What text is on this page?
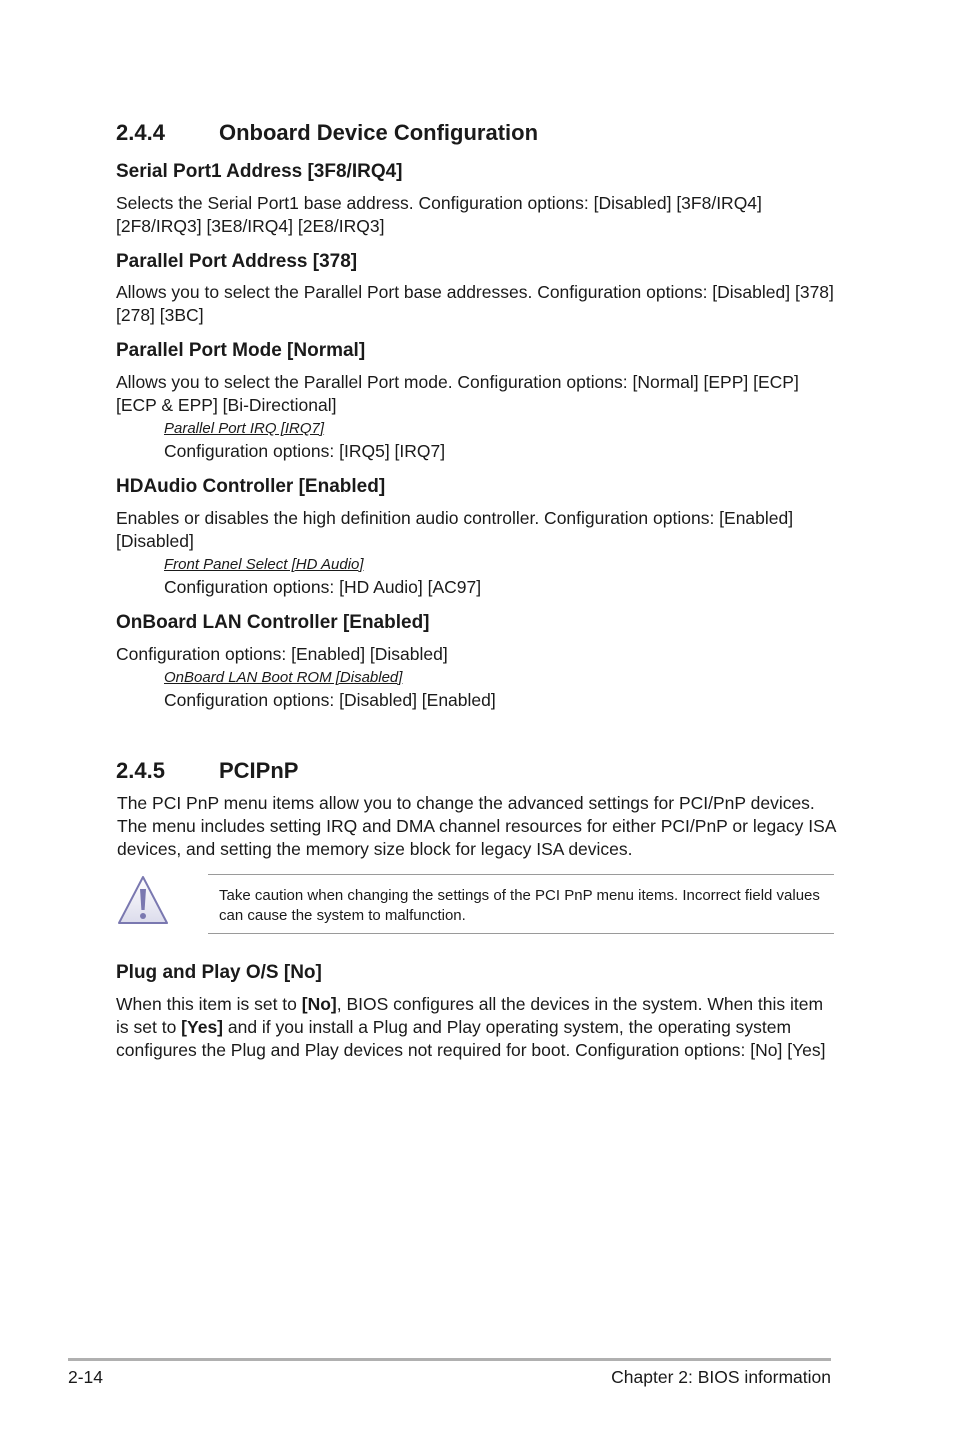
2.4.4 Onboard Device Configuration
Serial Port1 Address [3F8/IRQ4]
Selects the Serial Port1 base address. Configuration options: [Disabled] [3F8/IRQ4]
[2F8/IRQ3] [3E8/IRQ4] [2E8/IRQ3]
Parallel Port Address [378]
Allows you to select the Parallel Port base addresses. Configuration options: [Disabled] [378]
[278] [3BC]
Parallel Port Mode [Normal]
Allows you to select the Parallel Port mode. Configuration options: [Normal] [EPP] [ECP]
[ECP & EPP] [Bi-Directional]
Parallel Port IRQ [IRQ7]
Configuration options: [IRQ5] [IRQ7]
HDAudio Controller [Enabled]
Enables or disables the high definition audio controller. Configuration options: [Enabled]
[Disabled]
Front Panel Select [HD Audio]
Configuration options: [HD Audio] [AC97]
OnBoard LAN Controller [Enabled]
Configuration options: [Enabled] [Disabled]
OnBoard LAN Boot ROM [Disabled]
Configuration options: [Disabled] [Enabled]
2.4.5 PCIPnP
The PCI PnP menu items allow you to change the advanced settings for PCI/PnP devices.
The menu includes setting IRQ and DMA channel resources for either PCI/PnP or legacy ISA
devices, and setting the memory size block for legacy ISA devices.
Take caution when changing the settings of the PCI PnP menu items. Incorrect field values
can cause the system to malfunction.
Plug and Play O/S [No]
When this item is set to [No], BIOS configures all the devices in the system. When this item
is set to [Yes] and if you install a Plug and Play operating system, the operating system
configures the Plug and Play devices not required for boot. Configuration options: [No] [Yes]
2-14	Chapter 2: BIOS information
